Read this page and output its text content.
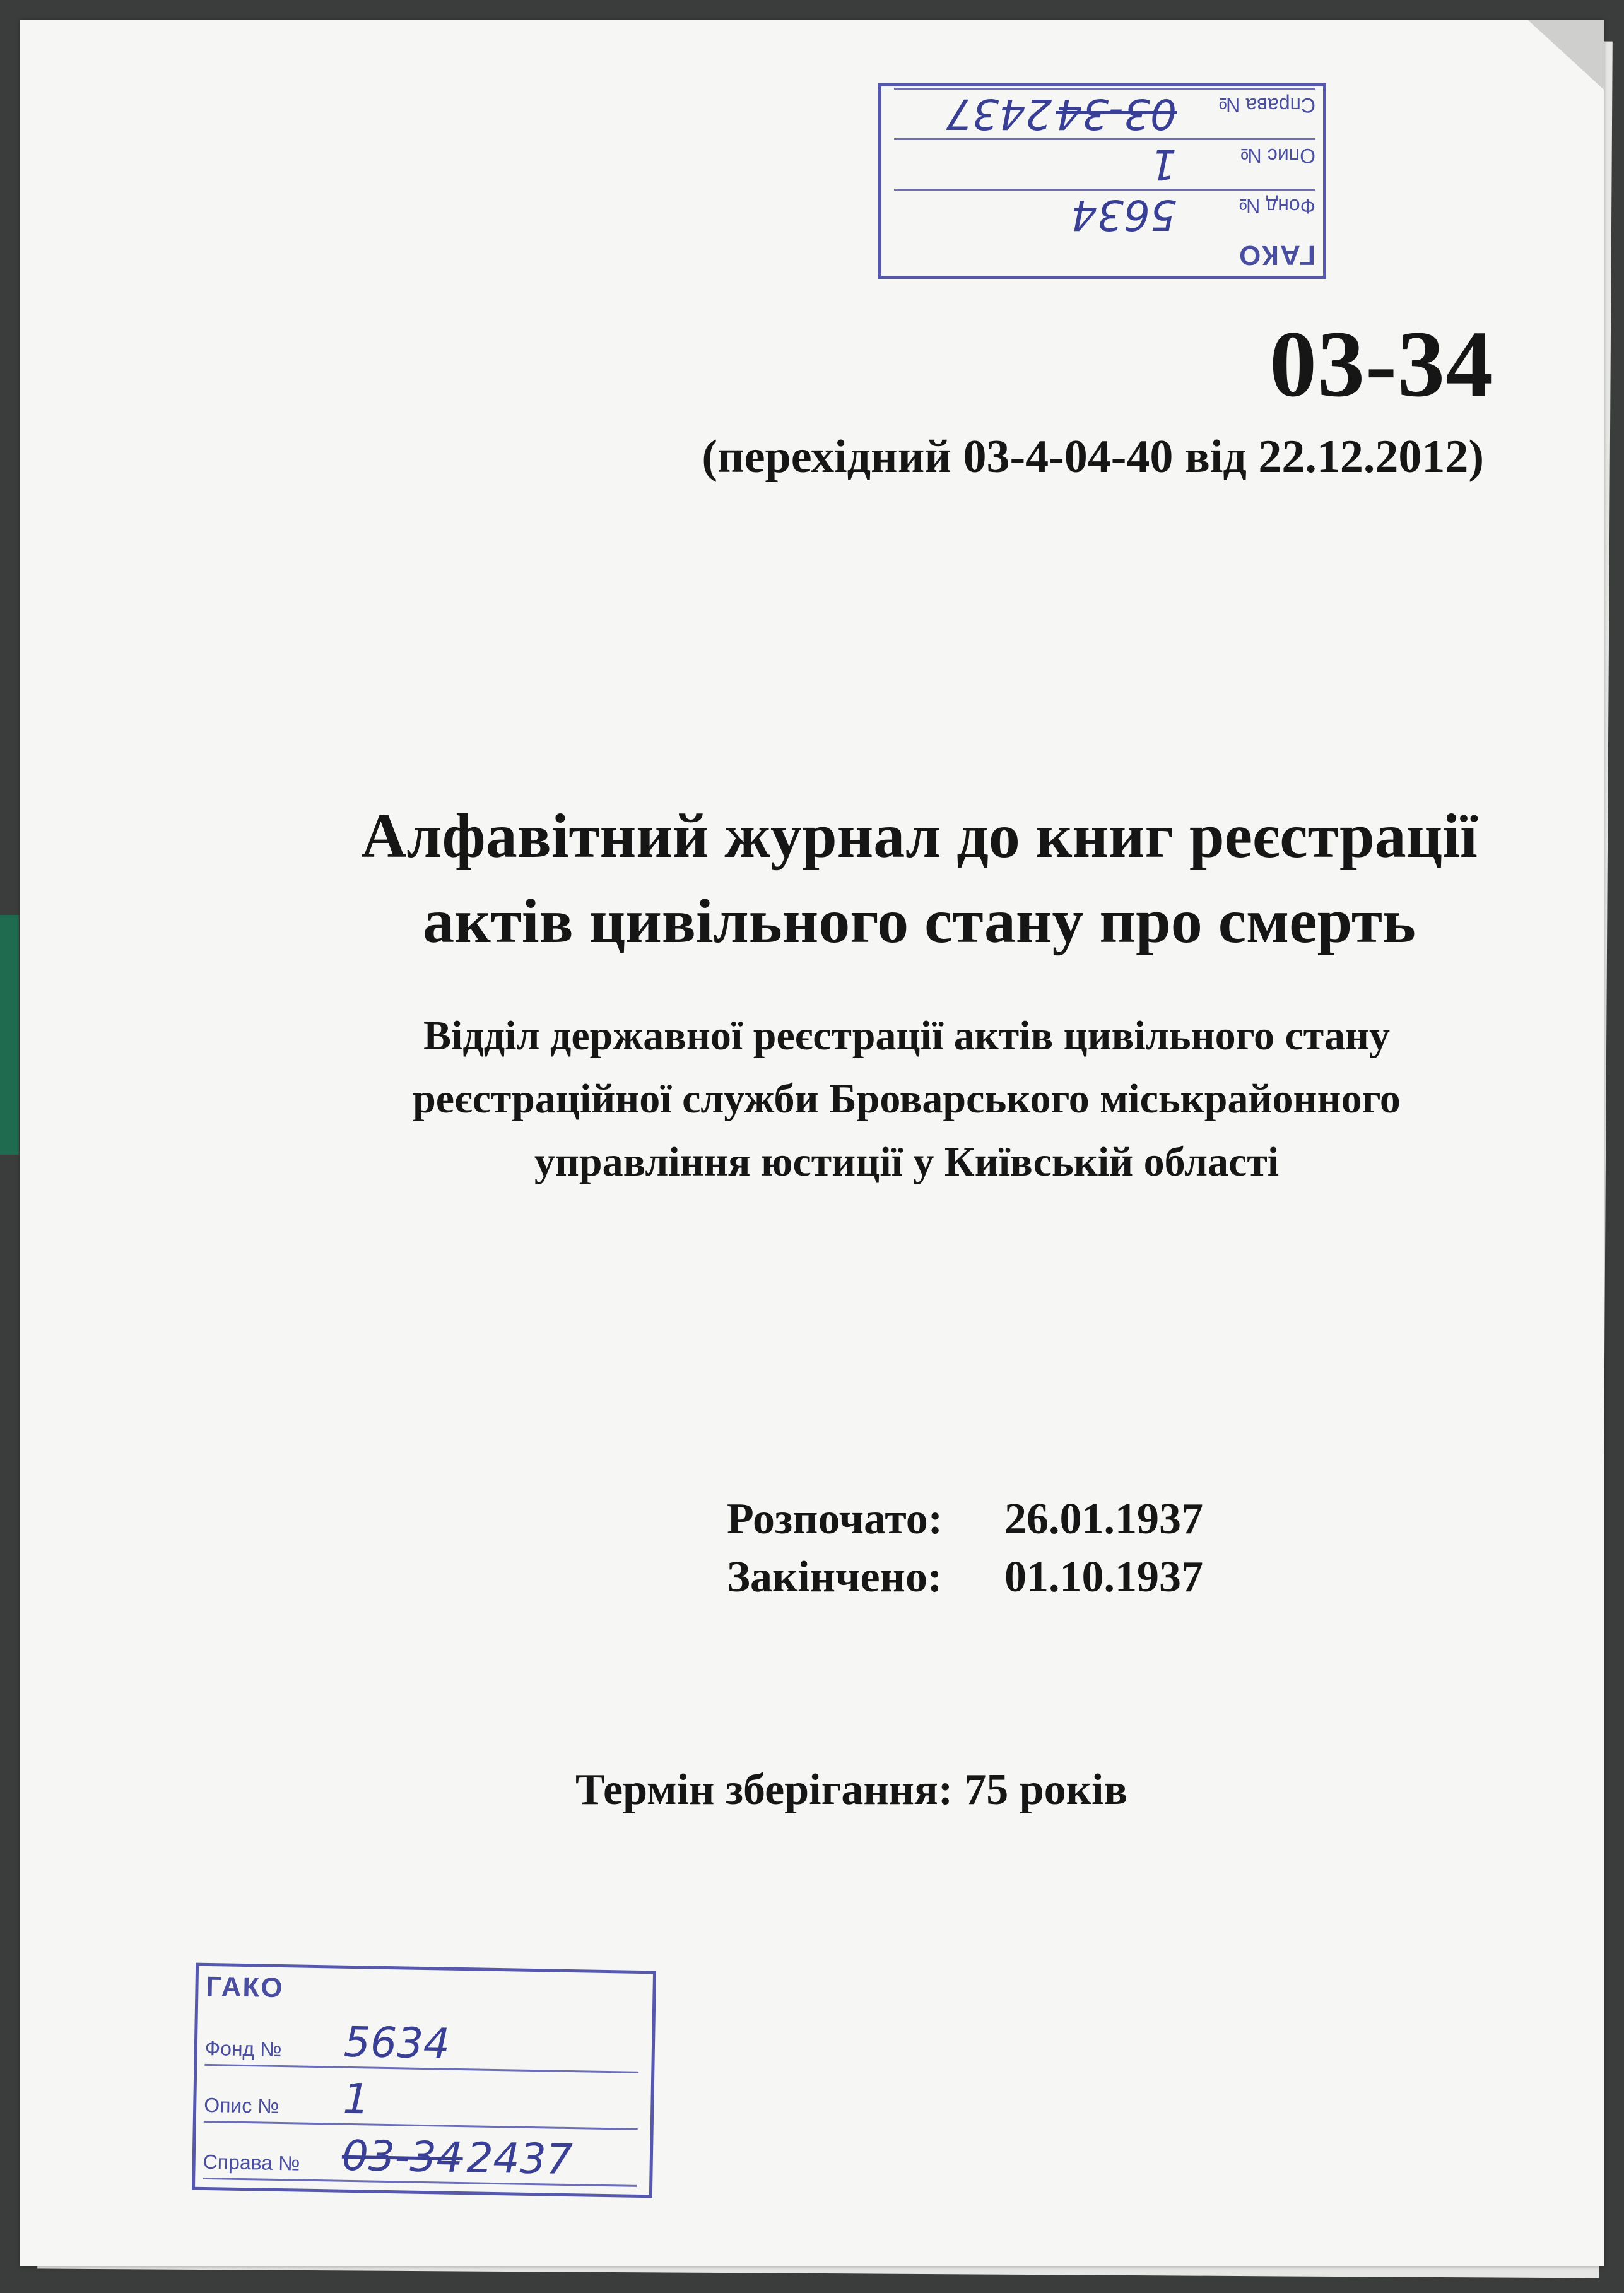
ГАКО
Фонд №
5634
Опис №
1
Справа №
03-342437
03-34
(перехідний 03-4-04-40 від 22.12.2012)
Алфавітний журнал до книг реєстрації
актів цивільного стану про смерть
Відділ державної реєстрації актів цивільного стану
реєстраційної служби Броварського міськрайонного
управління юстиції у Київській області
Розпочато:	26.01.1937
Закінчено:	01.10.1937
Термін зберігання: 75 років
ГАКО
Фонд № 5634
Опис № 1
Справа № 03-342437
